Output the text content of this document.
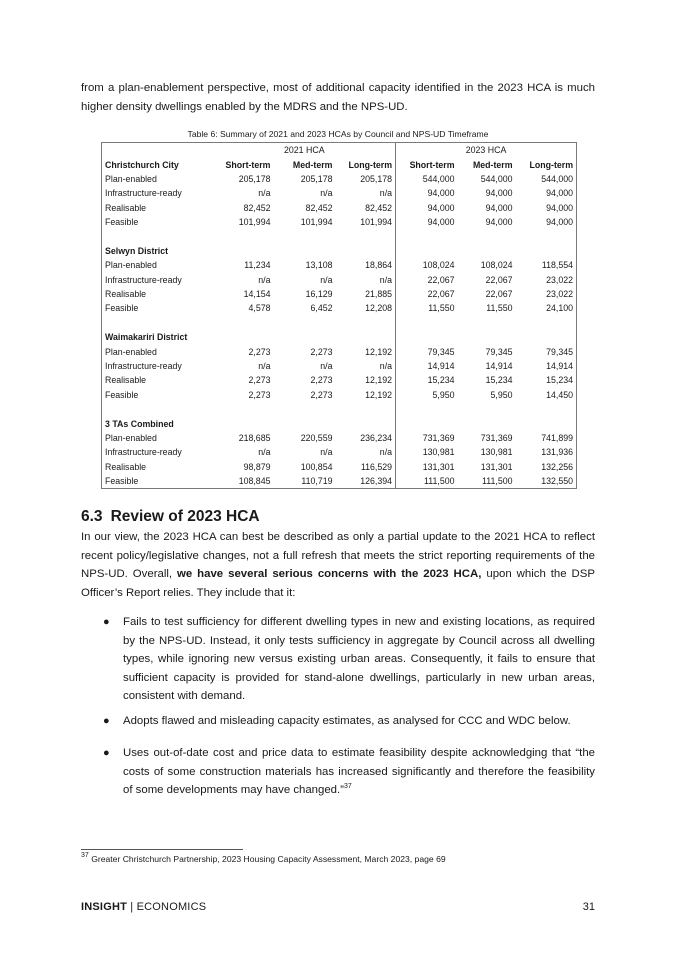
from a plan-enablement perspective, most of additional capacity identified in the 2023 HCA is much higher density dwellings enabled by the MDRS and the NPS-UD.

Table 6: Summary of 2021 and 2023 HCAs by Council and NPS-UD Timeframe

	2021 HCA			2023 HCA		
Christchurch City	Short-term	Med-term	Long-term	Short-term	Med-term	Long-term
Plan-enabled	205,178	205,178	205,178	544,000	544,000	544,000
Infrastructure-ready	n/a	n/a	n/a	94,000	94,000	94,000
Realisable	82,452	82,452	82,452	94,000	94,000	94,000
Feasible	101,994	101,994	101,994	94,000	94,000	94,000

Selwyn District						
Plan-enabled	11,234	13,108	18,864	108,024	108,024	118,554
Infrastructure-ready	n/a	n/a	n/a	22,067	22,067	23,022
Realisable	14,154	16,129	21,885	22,067	22,067	23,022
Feasible	4,578	6,452	12,208	11,550	11,550	24,100

Waimakariri District						
Plan-enabled	2,273	2,273	12,192	79,345	79,345	79,345
Infrastructure-ready	n/a	n/a	n/a	14,914	14,914	14,914
Realisable	2,273	2,273	12,192	15,234	15,234	15,234
Feasible	2,273	2,273	12,192	5,950	5,950	14,450

3 TAs Combined						
Plan-enabled	218,685	220,559	236,234	731,369	731,369	741,899
Infrastructure-ready	n/a	n/a	n/a	130,981	130,981	131,936
Realisable	98,879	100,854	116,529	131,301	131,301	132,256
Feasible	108,845	110,719	126,394	111,500	111,500	132,550
6.3 Review of 2023 HCA

In our view, the 2023 HCA can best be described as only a partial update to the 2021 HCA to reflect recent policy/legislative changes, not a full refresh that meets the strict reporting requirements of the NPS-UD. Overall, we have several serious concerns with the 2023 HCA, upon which the DSP Officer’s Report relies. They include that it:

● Fails to test sufficiency for different dwelling types in new and existing locations, as required by the NPS-UD. Instead, it only tests sufficiency in aggregate by Council across all dwelling types, while ignoring new versus existing urban areas. Consequently, it fails to ensure that sufficient capacity is provided for stand-alone dwellings, particularly in new urban areas, consistent with demand.
● Adopts flawed and misleading capacity estimates, as analysed for CCC and WDC below.
● Uses out-of-date cost and price data to estimate feasibility despite acknowledging that “the costs of some construction materials has increased significantly and therefore the feasibility of some developments may have changed.”$^{37}$

$^{37}$ Greater Christchurch Partnership, 2023 Housing Capacity Assessment, March 2023, page 69

INSIGHT | ECONOMICS	31
